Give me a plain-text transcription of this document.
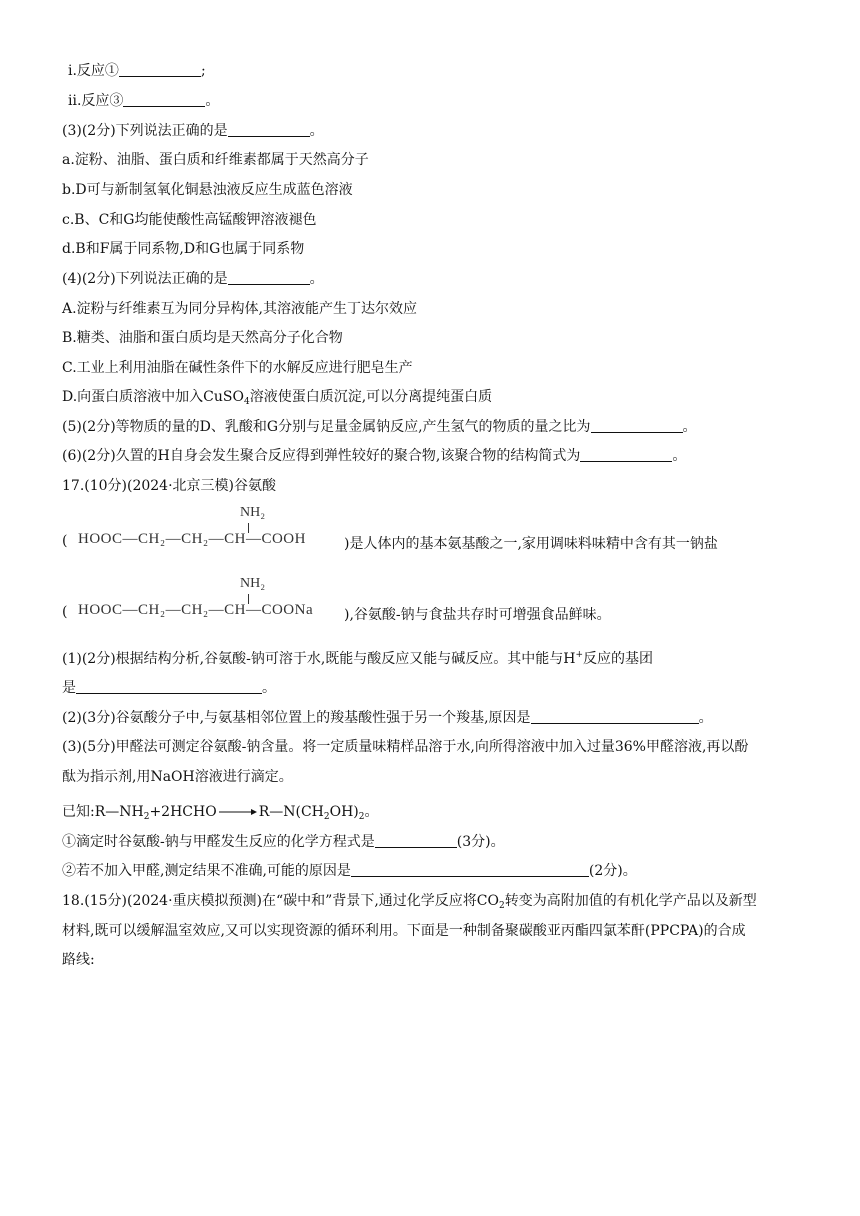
ⅰ.反应①	;
ⅱ.反应③	。
(3)(2分)下列说法正确的是	。
a.淀粉、油脂、蛋白质和纤维素都属于天然高分子
b.D可与新制氢氧化铜悬浊液反应生成蓝色溶液
c.B、C和G均能使酸性高锰酸钾溶液褪色
d.B和F属于同系物,D和G也属于同系物
(4)(2分)下列说法正确的是	。
A.淀粉与纤维素互为同分异构体,其溶液能产生丁达尔效应
B.糖类、油脂和蛋白质均是天然高分子化合物
C.工业上利用油脂在碱性条件下的水解反应进行肥皂生产
D.向蛋白质溶液中加入CuSO$_4$溶液使蛋白质沉淀,可以分离提纯蛋白质
(5)(2分)等物质的量的D、乳酸和G分别与足量金属钠反应,产生氢气的物质的量之比为	。
(6)(2分)久置的H自身会发生聚合反应得到弹性较好的聚合物,该聚合物的结构简式为	。
17.(10分)(2024·北京三模)谷氨酸
(
NH₂
HOOC—CH₂—CH₂—CH—COOH	)是人体内的基本氨基酸之一,家用调味料味精中含有其一钠盐
(
NH₂
HOOC—CH₂—CH₂—CH—COONa ),谷氨酸-钠与食盐共存时可增强食品鲜味。
(1)(2分)根据结构分析,谷氨酸-钠可溶于水,既能与酸反应又能与碱反应。其中能与H+反应的基团
是	。
(2)(3分)谷氨酸分子中,与氨基相邻位置上的羧基酸性强于另一个羧基,原因是	。
(3)(5分)甲醛法可测定谷氨酸-钠含量。将一定质量味精样品溶于水,向所得溶液中加入过量36%甲醛溶液,再以酚
酞为指示剂,用NaOH溶液进行滴定。
已知$:R—NH_2+2HCHO$ → $R—N(CH_2OH)_2$。
①滴定时谷氨酸-钠与甲醛发生反应的化学方程式是	(3分)。
②若不加入甲醛,测定结果不准确,可能的原因是	(2分)。
18.(15分)(2024·重庆模拟预测)在“碳中和”背景下,通过化学反应将$CO_2$转变为高附加值的有机化学产品以及新型
材料,既可以缓解温室效应,又可以实现资源的循环利用。下面是一种制备聚碳酸亚丙酯四氯苯酐(PPCPA)的合成
路线:
